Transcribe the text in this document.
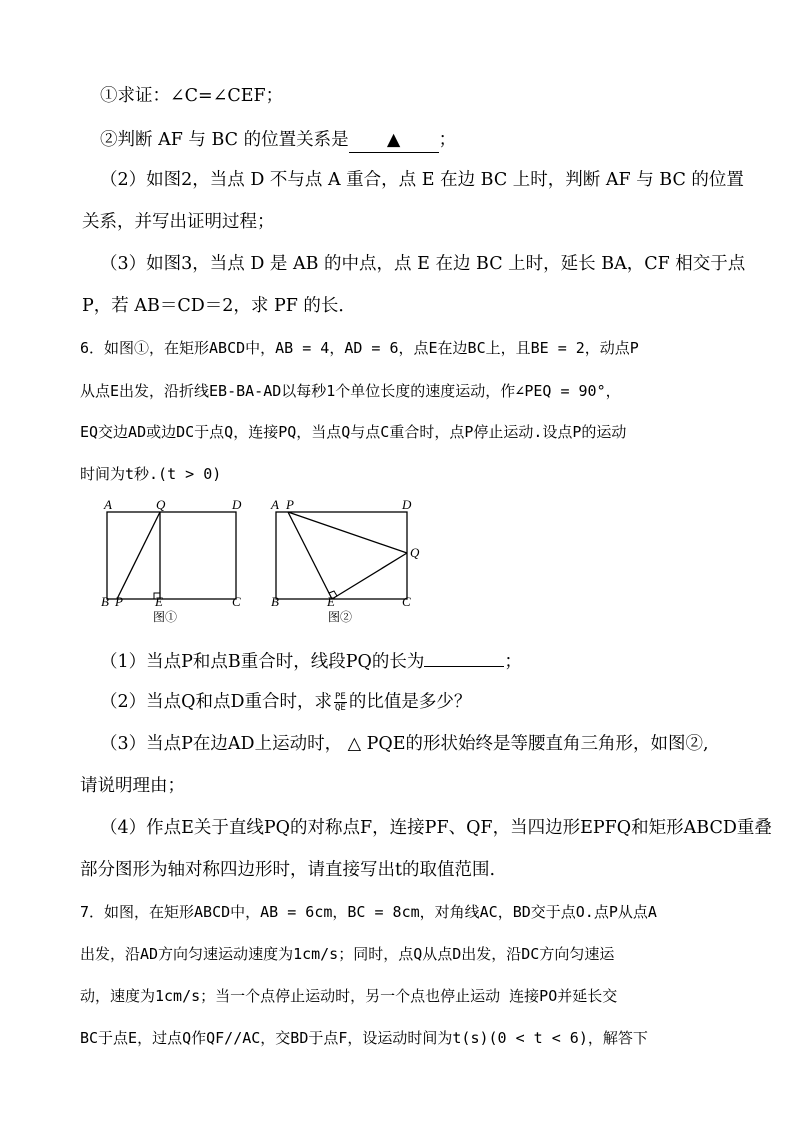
①求证：∠C=∠CEF；
②判断 AF 与 BC 的位置关系是 ▲ ；
（2）如图2，当点 D 不与点 A 重合，点 E 在边 BC 上时，判断 AF 与 BC 的位置
关系，并写出证明过程；
（3）如图3，当点 D 是 AB 的中点，点 E 在边 BC 上时，延长 BA，CF 相交于点
P，若 AB＝CD＝2，求 PF 的长．
6．如图①，在矩形ABCD中，AB = 4，AD = 6，点E在边BC上，且BE = 2，动点P
从点E出发，沿折线EB-BA-AD以每秒1个单位长度的速度运动，作∠PEQ = 90°，
EQ交边AD或边DC于点Q，连接PQ，当点Q与点C重合时，点P停止运动.设点P的运动
时间为t秒.(t > 0)
A	Q	D
B P E	C
图①
A P	D
Q
B	E	C
图②
（1）当点P和点B重合时，线段PQ的长为	；
（2）当点Q和点D重合时，求 $\frac{PE}{QE}$ 的比值是多少？
（3）当点P在边AD上运动时， △ PQE的形状始终是等腰直角三角形，如图②,
请说明理由；
（4）作点E关于直线PQ的对称点F，连接PF、QF，当四边形EPFQ和矩形ABCD重叠
部分图形为轴对称四边形时，请直接写出t的取值范围.
7．如图，在矩形ABCD中，AB = 6cm，BC = 8cm，对角线AC，BD交于点O.点P从点A
出发，沿AD方向匀速运动速度为1cm/s；同时，点Q从点D出发，沿DC方向匀速运
动，速度为1cm/s；当一个点停止运动时，另一个点也停止运动 连接PO并延长交
BC于点E，过点Q作QF//AC，交BD于点F，设运动时间为t(s)(0 < t < 6)，解答下
